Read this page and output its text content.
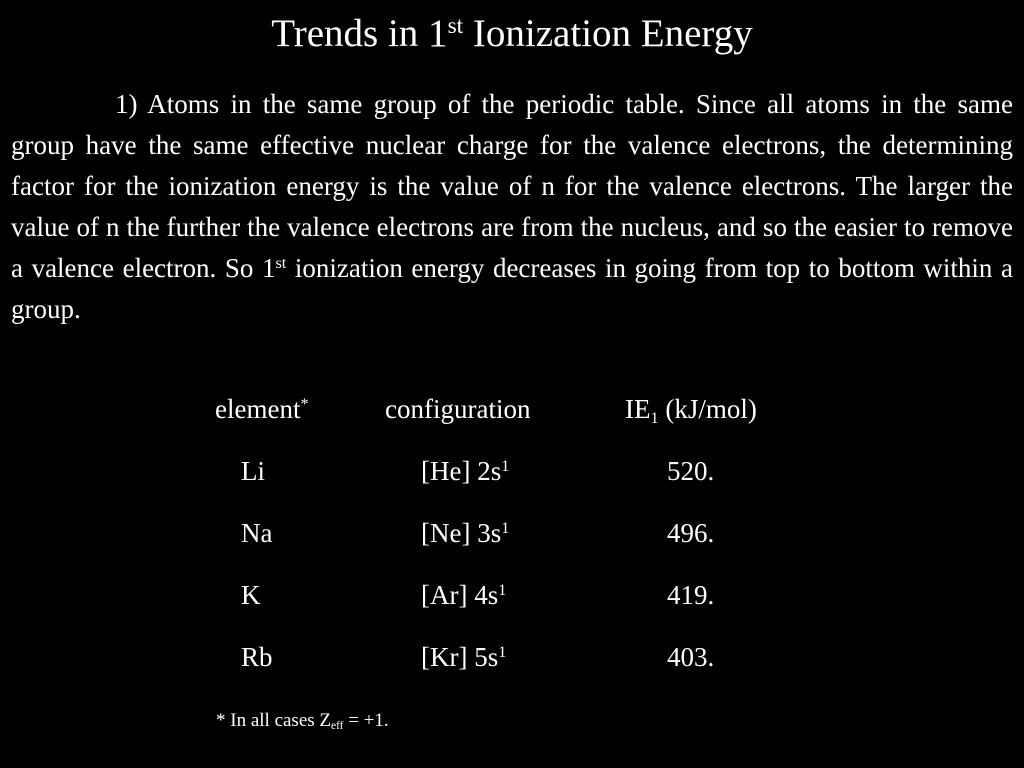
Trends in 1st Ionization Energy

1) Atoms in the same group of the periodic table. Since all atoms in the same group have the same effective nuclear charge for the valence electrons, the determining factor for the ionization energy is the value of n for the valence electrons. The larger the value of n the further the valence electrons are from the nucleus, and so the easier to remove a valence electron. So 1st ionization energy decreases in going from top to bottom within a group.

element*	configuration	$IE_1$ (kJ/mol)
Li	[He] $2s^1$	520.
Na	[Ne] $3s^1$	496.
K	[Ar] $4s^1$	419.
Rb	[Kr] $5s^1$	403.
* In all cases $Z_{eff} = +1$.
